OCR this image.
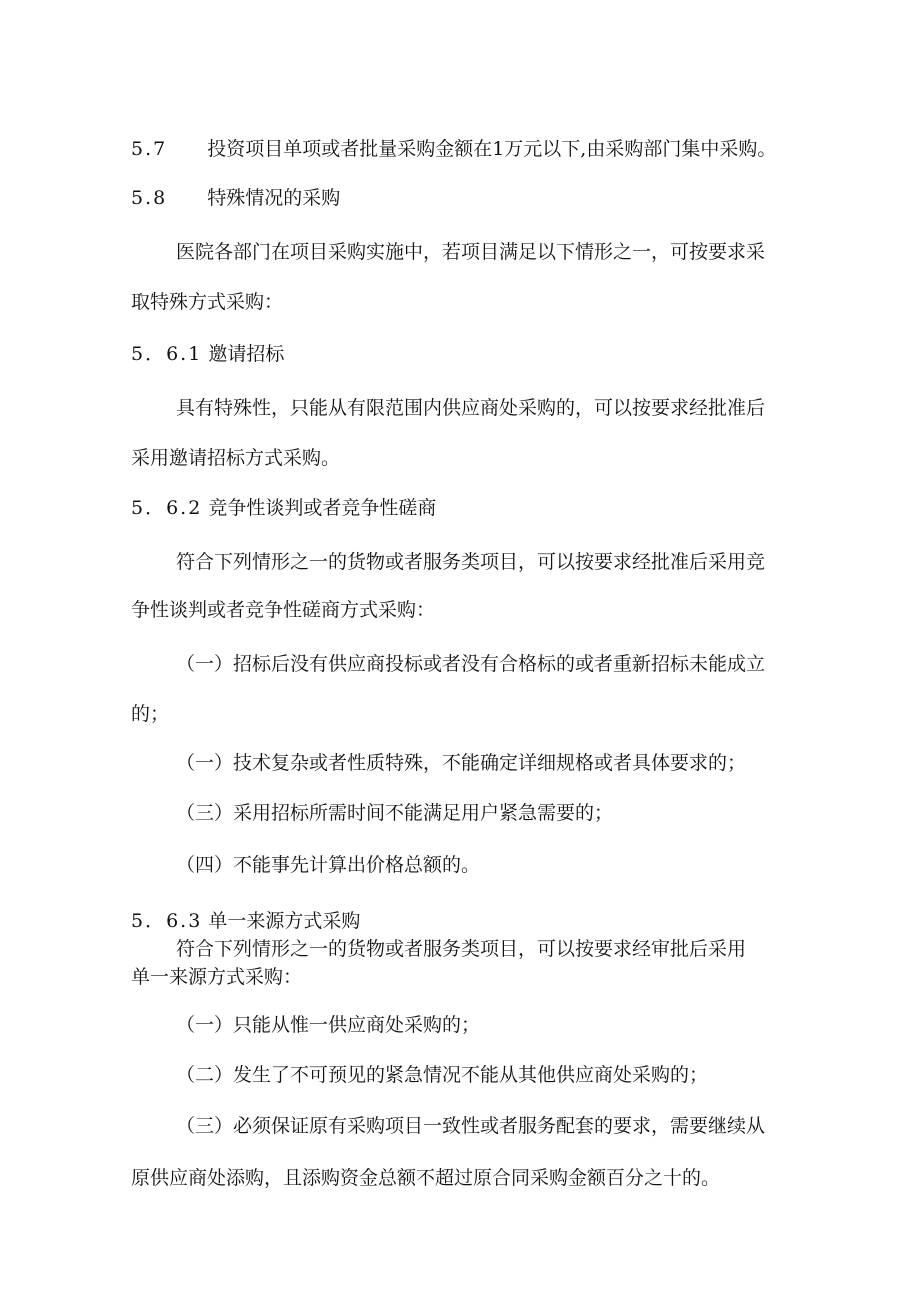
5.7 投资项目单项或者批量采购金额在1万元以下,由采购部门集中采购。

5.8 特殊情况的采购

医院各部门在项目采购实施中，若项目满足以下情形之一，可按要求采

取特殊方式采购：

5．6.1 邀请招标

具有特殊性，只能从有限范围内供应商处采购的，可以按要求经批准后

采用邀请招标方式采购。

5．6.2 竞争性谈判或者竞争性磋商

符合下列情形之一的货物或者服务类项目，可以按要求经批准后采用竞

争性谈判或者竞争性磋商方式采购：

（一）招标后没有供应商投标或者没有合格标的或者重新招标未能成立

的；

（一）技术复杂或者性质特殊，不能确定详细规格或者具体要求的；

（三）采用招标所需时间不能满足用户紧急需要的；

（四）不能事先计算出价格总额的。

5．6.3 单一来源方式采购

符合下列情形之一的货物或者服务类项目，可以按要求经审批后采用

单一来源方式采购：

（一）只能从惟一供应商处采购的；

（二）发生了不可预见的紧急情况不能从其他供应商处采购的；

（三）必须保证原有采购项目一致性或者服务配套的要求，需要继续从

原供应商处添购，且添购资金总额不超过原合同采购金额百分之十的。
